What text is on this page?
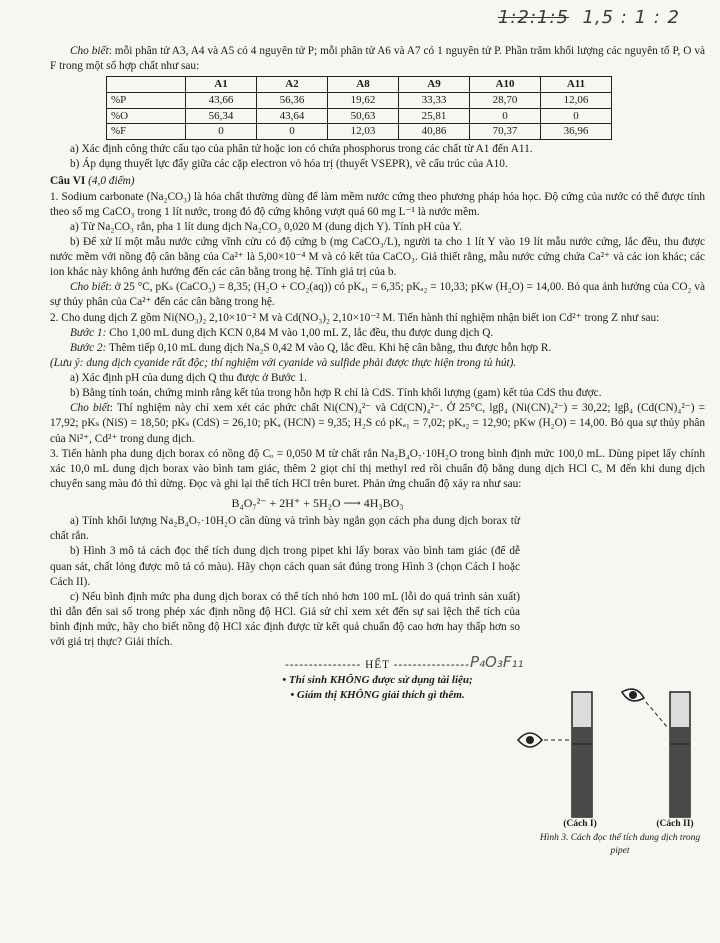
1:2:1:5 1,5 : 1 : 2

Cho biết: mỗi phân tử A3, A4 và A5 có 4 nguyên tử P; mỗi phân tử A6 và A7 có 1 nguyên tử P. Phần trăm khối lượng các nguyên tố P, O và F trong một số hợp chất như sau:

	A1	A2	A8	A9	A10	A11
%P	43,66	56,36	19,62	33,33	28,70	12,06
%O	56,34	43,64	50,63	25,81	0	0
%F	0	0	12,03	40,86	70,37	36,96

a) Xác định công thức cấu tạo của phân tử hoặc ion có chứa phosphorus trong các chất từ A1 đến A11.

b) Áp dụng thuyết lực đẩy giữa các cặp electron vỏ hóa trị (thuyết VSEPR), vẽ cấu trúc của A10.

Câu VI (4,0 điểm)

1. Sodium carbonate (Na₂CO₃) là hóa chất thường dùng để làm mềm nước cứng theo phương pháp hóa học. Độ cứng của nước có thể được tính theo số mg CaCO₃ trong 1 lít nước, trong đó độ cứng không vượt quá 60 mg L⁻¹ là nước mềm.

a) Từ Na₂CO₃ rắn, pha 1 lít dung dịch Na₂CO₃ 0,020 M (dung dịch Y). Tính pH của Y.

b) Để xử lí một mẫu nước cứng vĩnh cửu có độ cứng b (mg CaCO₃/L), người ta cho 1 lít Y vào 19 lít mẫu nước cứng, lắc đều, thu được nước mềm với nồng độ cân bằng của Ca²⁺ là 5,00×10⁻⁴ M và có kết tủa CaCO₃. Giả thiết rằng, mẫu nước cứng chứa Ca²⁺ và các ion khác; các ion khác này không ảnh hưởng đến các cân bằng trong hệ. Tính giá trị của b.

Cho biết: ở 25 °C, pKₛ (CaCO₃) = 8,35; (H₂O + CO₂(aq)) có pKₐ₁ = 6,35; pKₐ₂ = 10,33; pKw (H₂O) = 14,00. Bỏ qua ảnh hưởng của CO₂ và sự thủy phân của Ca²⁺ đến các cân bằng trong hệ.

2. Cho dung dịch Z gồm Ni(NO₃)₂ 2,10×10⁻² M và Cd(NO₃)₂ 2,10×10⁻² M. Tiến hành thí nghiệm nhận biết ion Cd²⁺ trong Z như sau:

Bước 1: Cho 1,00 mL dung dịch KCN 0,84 M vào 1,00 mL Z, lắc đều, thu được dung dịch Q.

Bước 2: Thêm tiếp 0,10 mL dung dịch Na₂S 0,42 M vào Q, lắc đều. Khi hệ cân bằng, thu được hỗn hợp R.

(Lưu ý: dung dịch cyanide rất độc; thí nghiệm với cyanide và sulfide phải được thực hiện trong tủ hút).

a) Xác định pH của dung dịch Q thu được ở Bước 1.

b) Bằng tính toán, chứng minh rằng kết tủa trong hỗn hợp R chỉ là CdS. Tính khối lượng (gam) kết tủa CdS thu được.

Cho biết: Thí nghiệm này chỉ xem xét các phức chất Ni(CN)₄²⁻ và Cd(CN)₄²⁻. Ở 25°C, lgβ₄ (Ni(CN)₄²⁻) = 30,22; lgβ₄ (Cd(CN)₄²⁻) = 17,92; pKₛ (NiS) = 18,50; pKₛ (CdS) = 26,10; pKₐ (HCN) = 9,35; H₂S có pKₐ₁ = 7,02; pKₐ₂ = 12,90; pKw (H₂O) = 14,00. Bỏ qua sự thủy phân của Ni²⁺, Cd²⁺ trong dung dịch.

3. Tiến hành pha dung dịch borax có nồng độ Cₒ = 0,050 M từ chất rắn Na₂B₄O₇·10H₂O trong bình định mức 100,0 mL. Dùng pipet lấy chính xác 10,0 mL dung dịch borax vào bình tam giác, thêm 2 giọt chỉ thị methyl red rồi chuẩn độ bằng dung dịch HCl Cₓ M đến khi dung dịch chuyển sang màu đỏ thì dừng. Đọc và ghi lại thể tích HCl trên buret. Phản ứng chuẩn độ xảy ra như sau:

B₄O₇²⁻ + 2H⁺ + 5H₂O ⟶ 4H₃BO₃

a) Tính khối lượng Na₂B₄O₇·10H₂O cần dùng và trình bày ngắn gọn cách pha dung dịch borax từ chất rắn.

b) Hình 3 mô tả cách đọc thể tích dung dịch trong pipet khi lấy borax vào bình tam giác (để dễ quan sát, chất lỏng được mô tả có màu). Hãy chọn cách quan sát đúng trong Hình 3 (chọn Cách I hoặc Cách II).

c) Nếu bình định mức pha dung dịch borax có thể tích nhỏ hơn 100 mL (lỗi do quá trình sản xuất) thì dẫn đến sai số trong phép xác định nồng độ HCl. Giả sử chỉ xem xét đến sự sai lệch thể tích của bình định mức, hãy cho biết nồng độ HCl xác định được từ kết quả chuẩn độ cao hơn hay thấp hơn so với giá trị thực? Giải thích.

---------------- HẾT ----------------

• Thí sinh KHÔNG được sử dụng tài liệu;

• Giám thị KHÔNG giải thích gì thêm.

P₄O₃F₁₁
(Cách I)	(Cách II)
Hình 3. Cách đọc thể tích dung dịch trong pipet
